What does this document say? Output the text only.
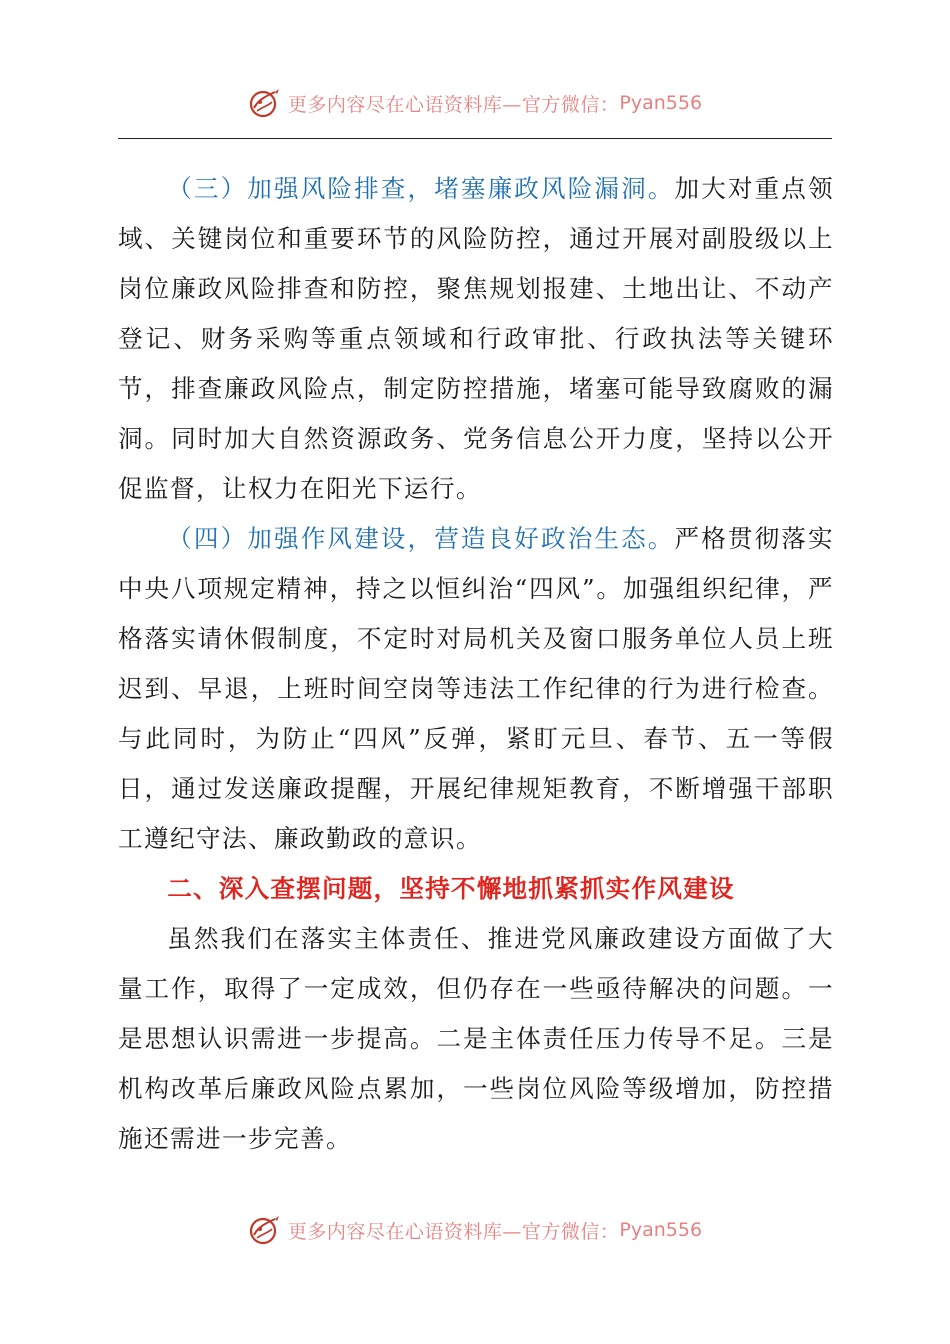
更多内容尽在心语资料库—官方微信： Pyan556

（三）加强风险排查，堵塞廉政风险漏洞。加大对重点领域、关键岗位和重要环节的风险防控，通过开展对副股级以上岗位廉政风险排查和防控，聚焦规划报建、土地出让、不动产登记、财务采购等重点领域和行政审批、行政执法等关键环节，排查廉政风险点，制定防控措施，堵塞可能导致腐败的漏洞。同时加大自然资源政务、党务信息公开力度，坚持以公开促监督，让权力在阳光下运行。

（四）加强作风建设，营造良好政治生态。严格贯彻落实中央八项规定精神，持之以恒纠治“四风”。加强组织纪律，严格落实请休假制度，不定时对局机关及窗口服务单位人员上班迟到、早退，上班时间空岗等违法工作纪律的行为进行检查。与此同时，为防止“四风”反弹，紧盯元旦、春节、五一等假日，通过发送廉政提醒，开展纪律规矩教育，不断增强干部职工遵纪守法、廉政勤政的意识。

二、深入查摆问题，坚持不懈地抓紧抓实作风建设

虽然我们在落实主体责任、推进党风廉政建设方面做了大量工作，取得了一定成效，但仍存在一些亟待解决的问题。一是思想认识需进一步提高。二是主体责任压力传导不足。三是机构改革后廉政风险点累加，一些岗位风险等级增加，防控措施还需进一步完善。

更多内容尽在心语资料库—官方微信： Pyan556
